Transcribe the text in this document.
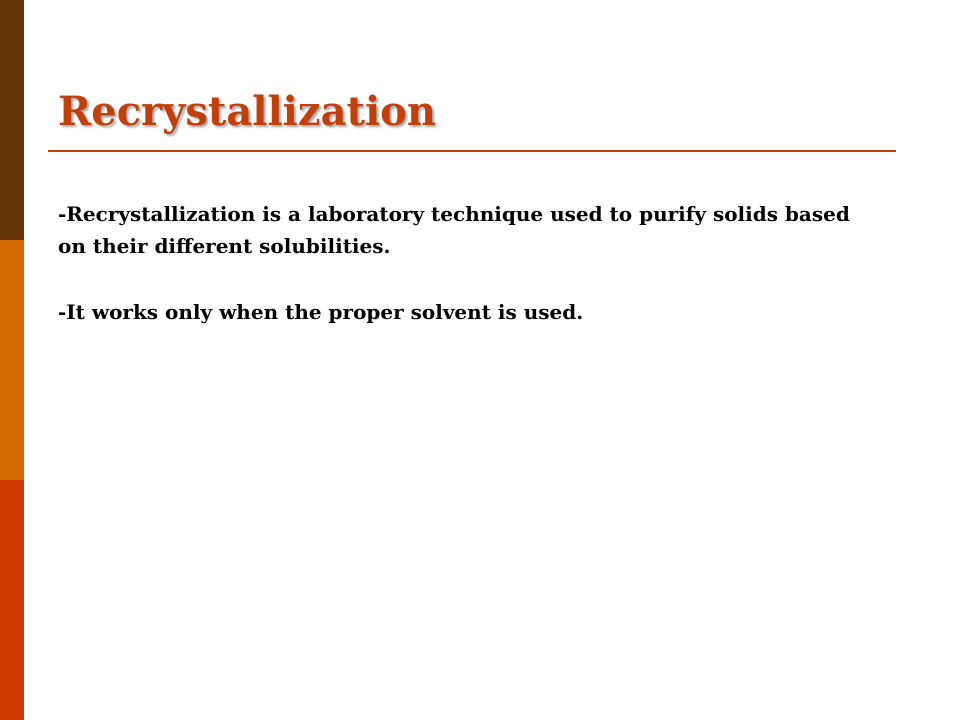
Recrystallization

-Recrystallization is a laboratory technique used to purify solids based on their different solubilities.

-It works only when the proper solvent is used.
